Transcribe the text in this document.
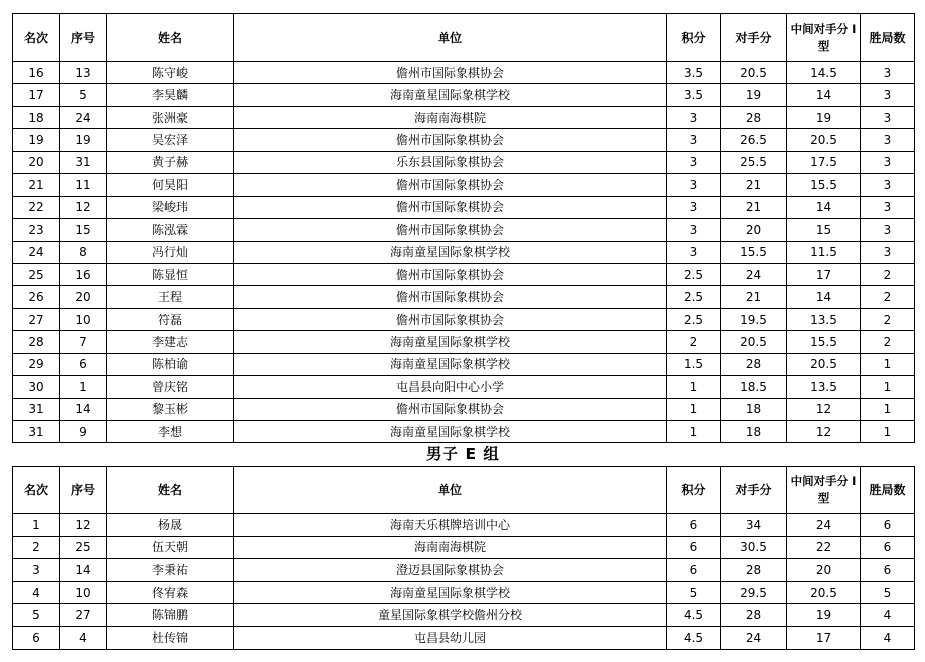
名次	序号	姓名	单位	积分	对手分	中间对手分 I 型	胜局数
16	13	陈守峻	儋州市国际象棋协会	3.5	20.5	14.5	3
17	5	李昊麟	海南童星国际象棋学校	3.5	19	14	3
18	24	张洲豪	海南南海棋院	3	28	19	3
19	19	吴宏泽	儋州市国际象棋协会	3	26.5	20.5	3
20	31	黄子赫	乐东县国际象棋协会	3	25.5	17.5	3
21	11	何昊阳	儋州市国际象棋协会	3	21	15.5	3
22	12	梁峻玮	儋州市国际象棋协会	3	21	14	3
23	15	陈泓霖	儋州市国际象棋协会	3	20	15	3
24	8	冯行灿	海南童星国际象棋学校	3	15.5	11.5	3
25	16	陈显恒	儋州市国际象棋协会	2.5	24	17	2
26	20	王程	儋州市国际象棋协会	2.5	21	14	2
27	10	符磊	儋州市国际象棋协会	2.5	19.5	13.5	2
28	7	李建志	海南童星国际象棋学校	2	20.5	15.5	2
29	6	陈柏谕	海南童星国际象棋学校	1.5	28	20.5	1
30	1	曾庆铭	屯昌县向阳中心小学	1	18.5	13.5	1
31	14	黎玉彬	儋州市国际象棋协会	1	18	12	1
31	9	李想	海南童星国际象棋学校	1	18	12	1
男子 E 组
名次	序号	姓名	单位	积分	对手分	中间对手分 I 型	胜局数
1	12	杨晟	海南天乐棋牌培训中心	6	34	24	6
2	25	伍天朝	海南南海棋院	6	30.5	22	6
3	14	李秉祐	澄迈县国际象棋协会	6	28	20	6
4	10	佟宥森	海南童星国际象棋学校	5	29.5	20.5	5
5	27	陈锦鹏	童星国际象棋学校儋州分校	4.5	28	19	4
6	4	杜传锦	屯昌县幼儿园	4.5	24	17	4
